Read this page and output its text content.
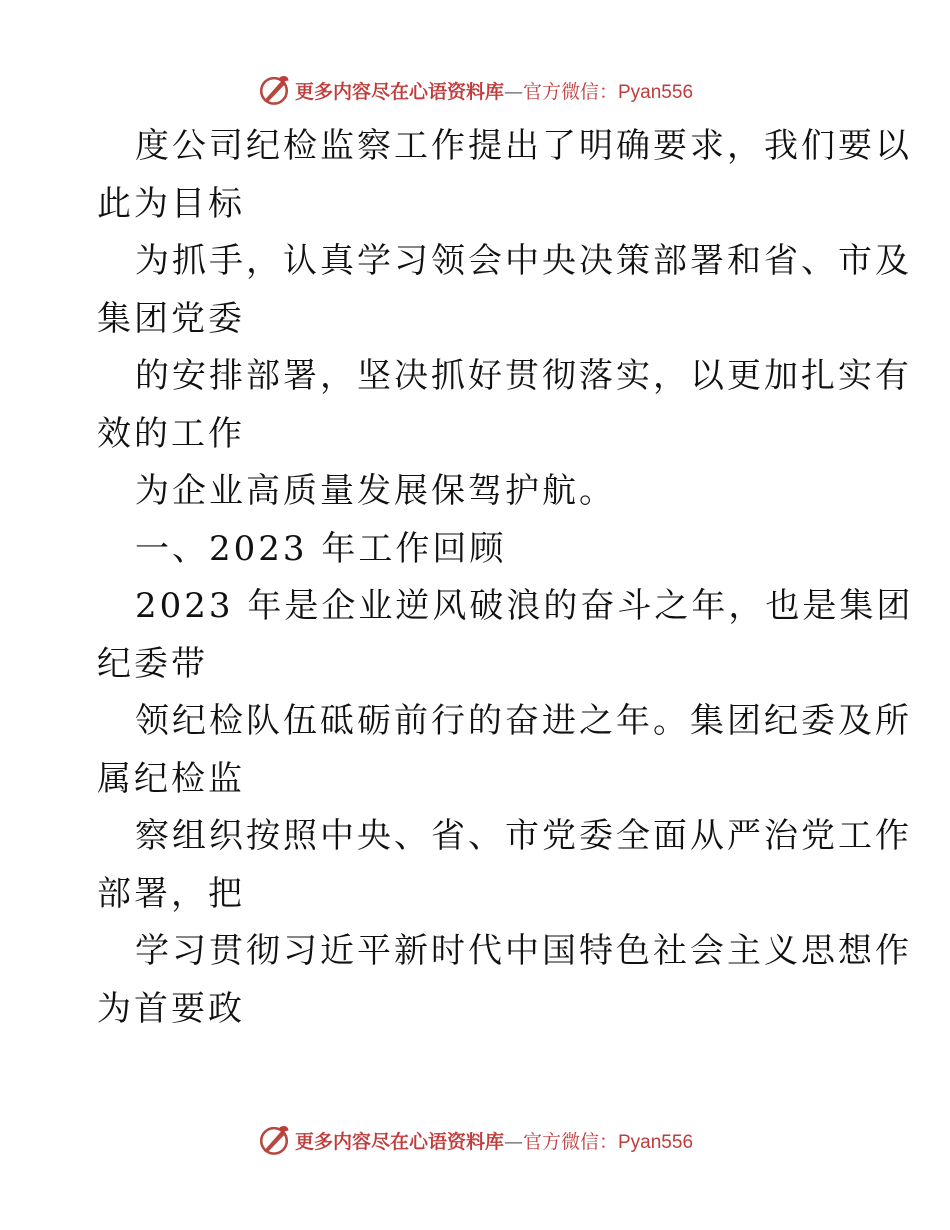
更多内容尽在心语资料库—官方微信：Pyan556
度公司纪检监察工作提出了明确要求，我们要以
此为目标
为抓手，认真学习领会中央决策部署和省、市及
集团党委
的安排部署，坚决抓好贯彻落实，以更加扎实有
效的工作
为企业高质量发展保驾护航。
一、2023 年工作回顾
2023 年是企业逆风破浪的奋斗之年，也是集团
纪委带
领纪检队伍砥砺前行的奋进之年。集团纪委及所
属纪检监
察组织按照中央、省、市党委全面从严治党工作
部署，把
学习贯彻习近平新时代中国特色社会主义思想作
为首要政
更多内容尽在心语资料库—官方微信：Pyan556
